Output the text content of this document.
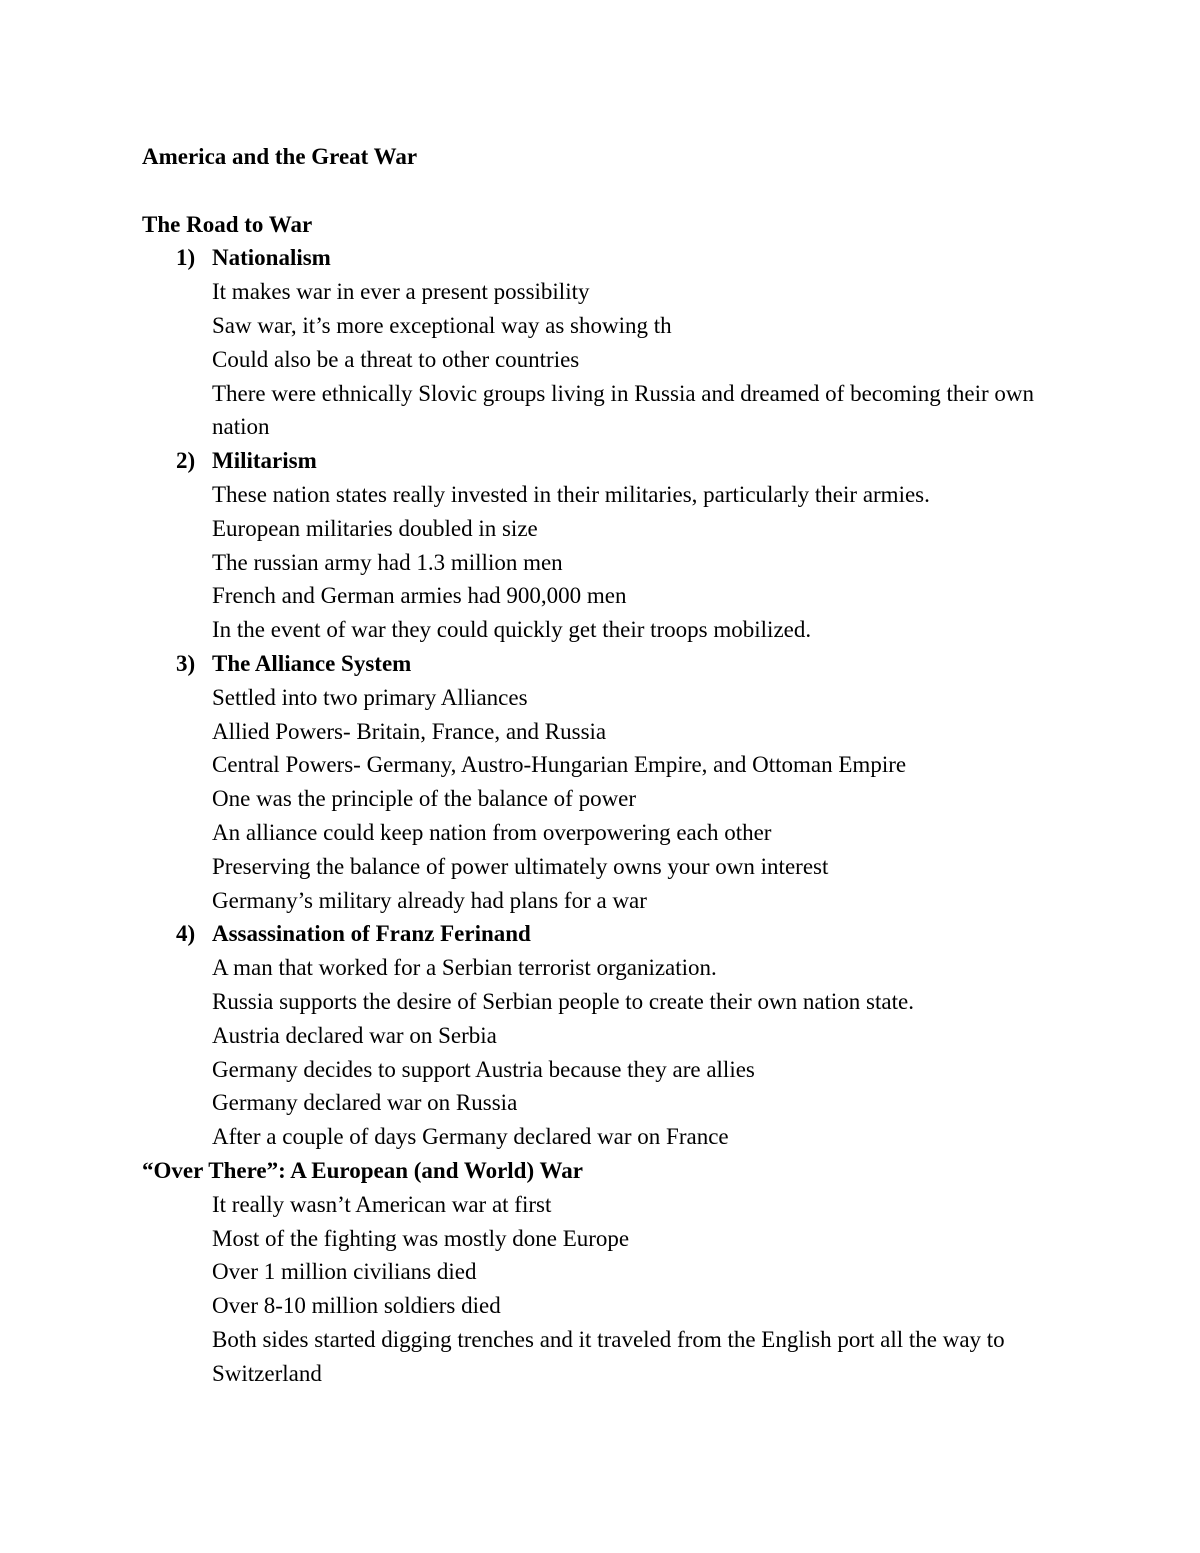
America and the Great War

The Road to War

1) Nationalism

It makes war in ever a present possibility

Saw war, it’s more exceptional way as showing th

Could also be a threat to other countries

There were ethnically Slovic groups living in Russia and dreamed of becoming their own nation

2) Militarism

These nation states really invested in their militaries, particularly their armies.

European militaries doubled in size

The russian army had 1.3 million men

French and German armies had 900,000 men

In the event of war they could quickly get their troops mobilized.

3) The Alliance System

Settled into two primary Alliances

Allied Powers- Britain, France, and Russia

Central Powers- Germany, Austro-Hungarian Empire, and Ottoman Empire

One was the principle of the balance of power

An alliance could keep nation from overpowering each other

Preserving the balance of power ultimately owns your own interest

Germany’s military already had plans for a war

4) Assassination of Franz Ferinand

A man that worked for a Serbian terrorist organization.

Russia supports the desire of Serbian people to create their own nation state.

Austria declared war on Serbia

Germany decides to support Austria because they are allies

Germany declared war on Russia

After a couple of days Germany declared war on France

“Over There”: A European (and World) War

It really wasn’t American war at first

Most of the fighting was mostly done Europe

Over 1 million civilians died

Over 8-10 million soldiers died

Both sides started digging trenches and it traveled from the English port all the way to Switzerland
